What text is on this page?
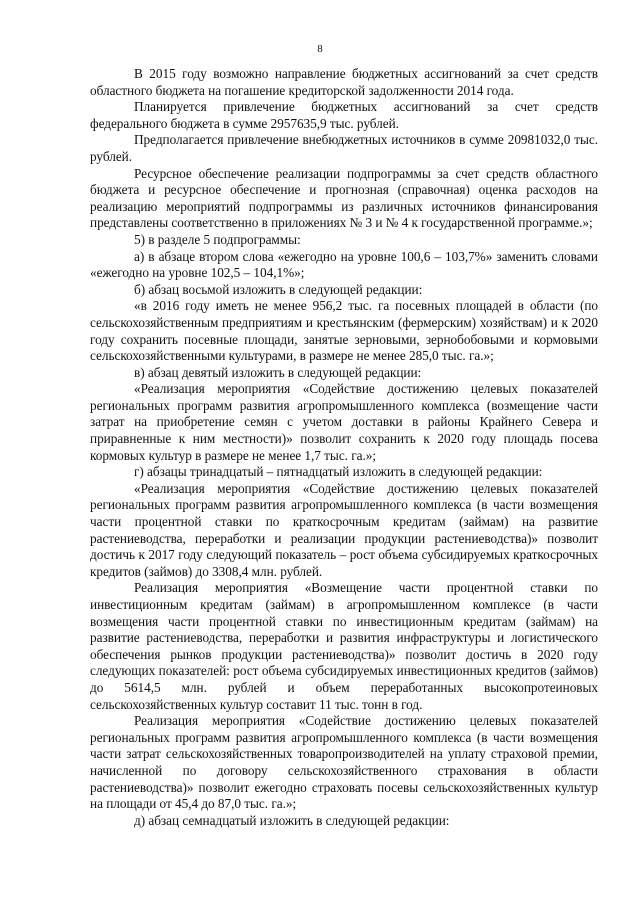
8

В 2015 году возможно направление бюджетных ассигнований за счет средств областного бюджета на погашение кредиторской задолженности 2014 года.

Планируется привлечение бюджетных ассигнований за счет средств федерального бюджета в сумме 2957635,9 тыс. рублей.

Предполагается привлечение внебюджетных источников в сумме 20981032,0 тыс. рублей.

Ресурсное обеспечение реализации подпрограммы за счет средств областного бюджета и ресурсное обеспечение и прогнозная (справочная) оценка расходов на реализацию мероприятий подпрограммы из различных источников финансирования представлены соответственно в приложениях № 3 и № 4 к государственной программе.»;

5) в разделе 5 подпрограммы:

а) в абзаце втором слова «ежегодно на уровне 100,6 – 103,7%» заменить словами «ежегодно на уровне 102,5 – 104,1%»;

б) абзац восьмой изложить в следующей редакции:

«в 2016 году иметь не менее 956,2 тыс. га посевных площадей в области (по сельскохозяйственным предприятиям и крестьянским (фермерским) хозяйствам) и к 2020 году сохранить посевные площади, занятые зерновыми, зернобобовыми и кормовыми сельскохозяйственными культурами, в размере не менее 285,0 тыс. га.»;

в) абзац девятый изложить в следующей редакции:

«Реализация мероприятия «Содействие достижению целевых показателей региональных программ развития агропромышленного комплекса (возмещение части затрат на приобретение семян с учетом доставки в районы Крайнего Севера и приравненные к ним местности)» позволит сохранить к 2020 году площадь посева кормовых культур в размере не менее 1,7 тыс. га.»;

г) абзацы тринадцатый – пятнадцатый изложить в следующей редакции:

«Реализация мероприятия «Содействие достижению целевых показателей региональных программ развития агропромышленного комплекса (в части возмещения части процентной ставки по краткосрочным кредитам (займам) на развитие растениеводства, переработки и реализации продукции растениеводства)» позволит достичь к 2017 году следующий показатель – рост объема субсидируемых краткосрочных кредитов (займов) до 3308,4 млн. рублей.

Реализация мероприятия «Возмещение части процентной ставки по инвестиционным кредитам (займам) в агропромышленном комплексе (в части возмещения части процентной ставки по инвестиционным кредитам (займам) на развитие растениеводства, переработки и развития инфраструктуры и логистического обеспечения рынков продукции растениеводства)» позволит достичь в 2020 году следующих показателей: рост объема субсидируемых инвестиционных кредитов (займов) до 5614,5 млн. рублей и объем переработанных высокопротеиновых сельскохозяйственных культур составит 11 тыс. тонн в год.

Реализация мероприятия «Содействие достижению целевых показателей региональных программ развития агропромышленного комплекса (в части возмещения части затрат сельскохозяйственных товаропроизводителей на уплату страховой премии, начисленной по договору сельскохозяйственного страхования в области растениеводства)» позволит ежегодно страховать посевы сельскохозяйственных культур на площади от 45,4 до 87,0 тыс. га.»;

д) абзац семнадцатый изложить в следующей редакции:
